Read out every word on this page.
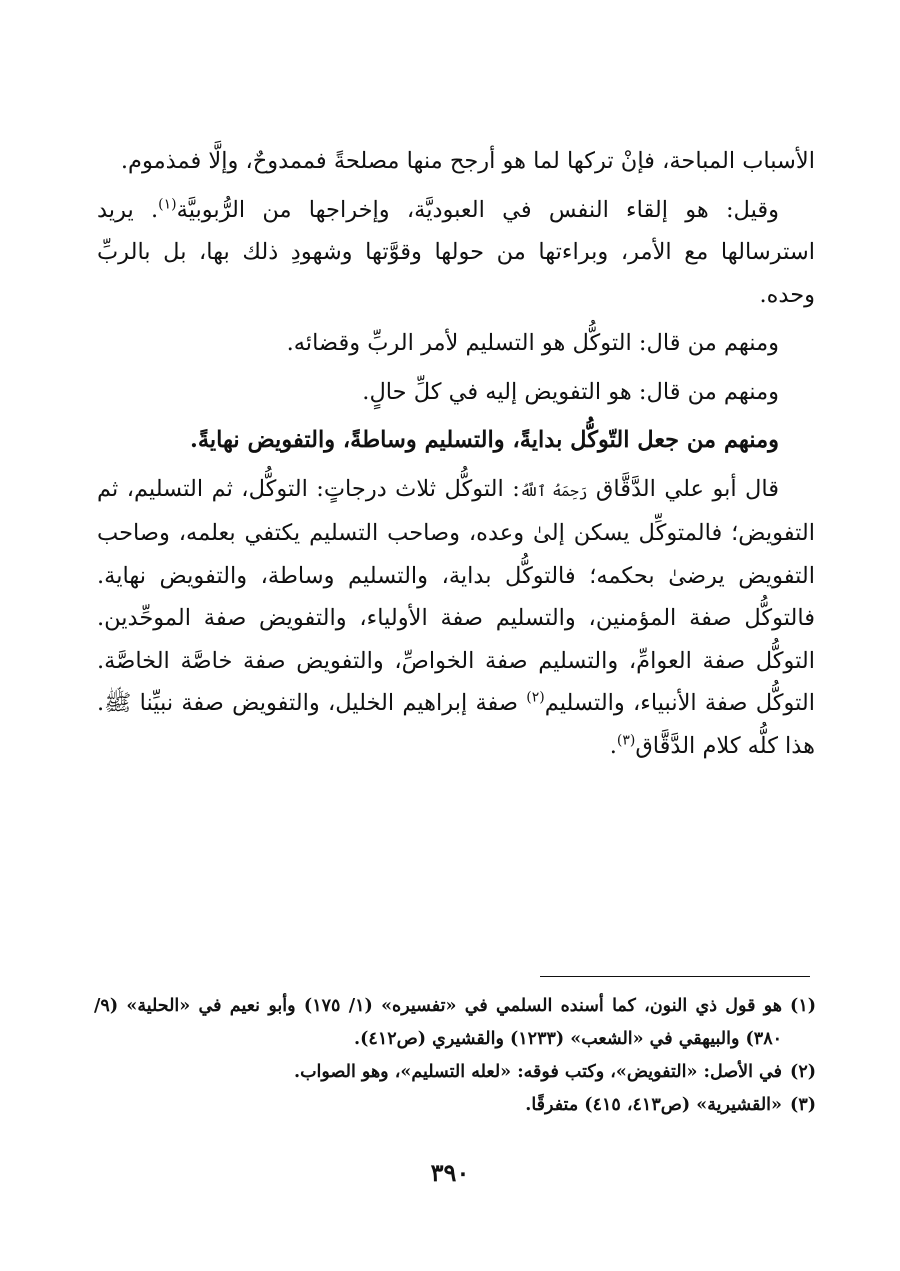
الأسباب المباحة، فإنْ تركها لما هو أرجح منها مصلحةً فممدوحٌ، وإلَّا فمذموم.

وقيل: هو إلقاء النفس في العبوديَّة، وإخراجها من الرُّبوبيَّة$^{(١)}$. يريد استرسالها مع الأمر، وبراءتها من حولها وقوَّتها وشهودِ ذلك بها، بل بالربِّ وحده.

ومنهم من قال: التوكُّل هو التسليم لأمر الربِّ وقضائه.

ومنهم من قال: هو التفويض إليه في كلِّ حالٍ.

ومنهم من جعل التّوكُّل بدايةً، والتسليم وساطةً، والتفويض نهايةً.

قال أبو علي الدَّقَّاق رَحِمَهُ ٱللَّهُ: التوكُّل ثلاث درجاتٍ: التوكُّل، ثم التسليم، ثم التفويض؛ فالمتوكِّل يسكن إلىٰ وعده، وصاحب التسليم يكتفي بعلمه، وصاحب التفويض يرضىٰ بحكمه؛ فالتوكُّل بداية، والتسليم وساطة، والتفويض نهاية. فالتوكُّل صفة المؤمنين، والتسليم صفة الأولياء، والتفويض صفة الموحِّدين. التوكُّل صفة العوامِّ، والتسليم صفة الخواصِّ، والتفويض صفة خاصَّة الخاصَّة. التوكُّل صفة الأنبياء، والتسليم$^{(٢)}$ صفة إبراهيم الخليل، والتفويض صفة نبيِّنا ﷺ. هذا كلُّه كلام الدَّقَّاق$^{(٣)}$.

(١)
هو قول ذي النون، كما أسنده السلمي في «تفسيره» (١/ ١٧٥) وأبو نعيم في «الحلية» (٩/ ٣٨٠) والبيهقي في «الشعب» (١٢٣٣) والقشيري (ص٤١٢).
(٢)
في الأصل: «التفويض»، وكتب فوقه: «لعله التسليم»، وهو الصواب.
(٣)
«القشيرية» (ص٤١٣، ٤١٥) متفرقًا.
٣٩٠
